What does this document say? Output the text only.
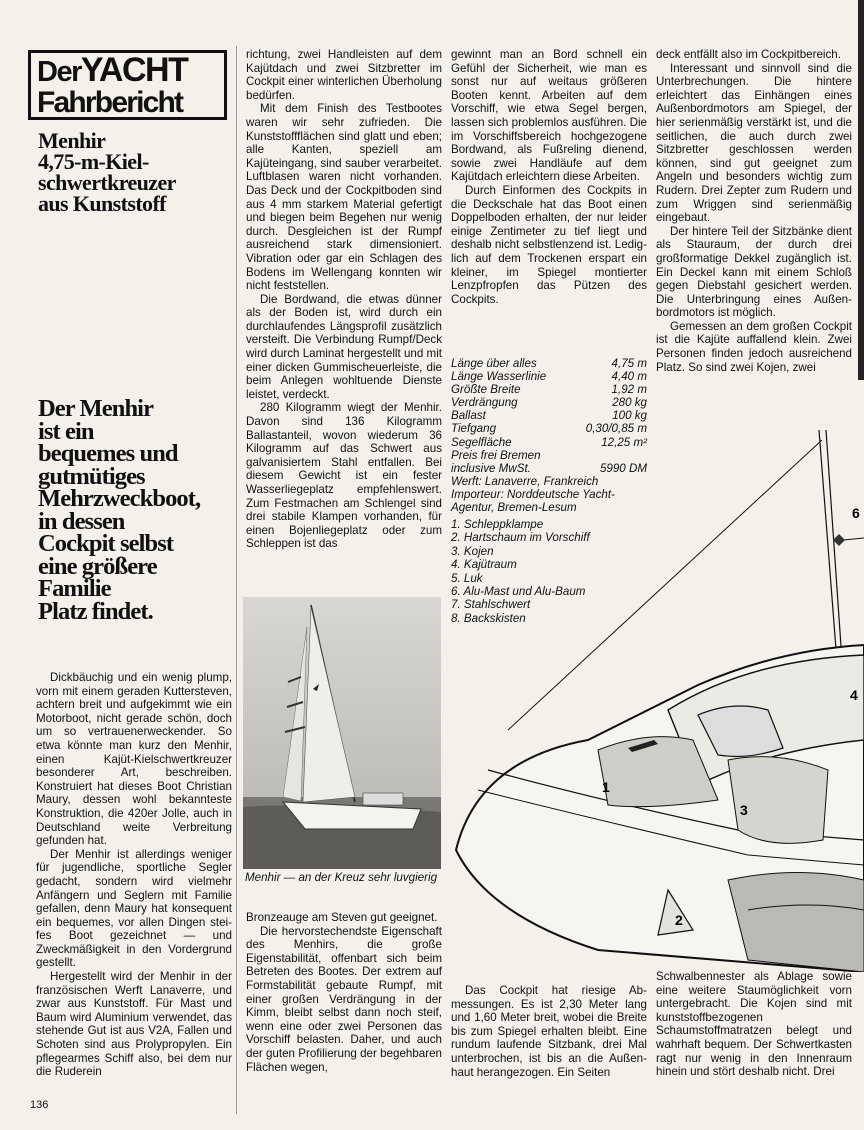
DerYACHT
Fahrbericht
Menhir
4,75-m-Kiel-
schwertkreuzer
aus Kunststoff
Der Menhir
ist ein
bequemes und
gutmütiges
Mehrzweckboot,
in dessen
Cockpit selbst
eine größere
Familie
Platz findet.

Dickbäuchig und ein wenig plump, vorn mit einem geraden Kuttersteven, achtern breit und aufgekimmt wie ein Motorboot, nicht gerade schön, doch um so vertrauenerweckender. So etwa könnte man kurz den Menhir, einen Kajüt-Kielschwertkreuzer besonderer Art, beschreiben. Konstruiert hat dieses Boot Christian Maury, dessen wohl bekannteste Konstruktion, die 420er Jolle, auch in Deutschland weite Verbreitung gefunden hat.

Der Menhir ist allerdings weniger für jugendliche, sportliche Segler gedacht, sondern wird vielmehr Anfängern und Seglern mit Familie gefallen, denn Maury hat konsequent ein bequemes, vor allen Dingen steifes Boot gezeichnet — und Zweckmäßigkeit in den Vordergrund gestellt.

Hergestellt wird der Menhir in der französischen Werft Lanaverre, und zwar aus Kunststoff. Für Mast und Baum wird Aluminium verwendet, das stehende Gut ist aus V2A, Fallen und Schoten sind aus Prolypropylen. Ein pflegearmes Schiff also, bei dem nur die Ruderein

richtung, zwei Handleisten auf dem Kajütdach und zwei Sitzbretter im Cockpit einer winterlichen Überholung bedürfen.

Mit dem Finish des Testbootes waren wir sehr zufrieden. Die Kunststoffflächen sind glatt und eben; alle Kanten, speziell am Kajüteingang, sind sauber verarbeitet. Luftblasen waren nicht vorhanden. Das Deck und der Cockpitboden sind aus 4 mm starkem Material gefertigt und biegen beim Begehen nur wenig durch. Desgleichen ist der Rumpf ausreichend stark dimensioniert. Vibration oder gar ein Schlagen des Bodens im Wellengang konnten wir nicht feststellen.

Die Bordwand, die etwas dünner als der Boden ist, wird durch ein durchlaufendes Längsprofil zusätzlich versteift. Die Verbindung Rumpf/Deck wird durch Laminat hergestellt und mit einer dicken Gummischeuerleiste, die beim Anlegen wohltuende Dienste leistet, verdeckt.

280 Kilogramm wiegt der Menhir. Davon sind 136 Kilogramm Ballastanteil, wovon wiederum 36 Kilogramm auf das Schwert aus galvanisiertem Stahl entfallen. Bei diesem Gewicht ist ein fester Wasserliegeplatz empfehlenswert. Zum Festmachen am Schlengel sind drei stabile Klampen vorhanden, für einen Bojenliegeplatz oder zum Schleppen ist das

Menhir — an der Kreuz sehr luvgierig

Bronzeauge am Steven gut geeignet.

Die hervorstechendste Eigenschaft des Menhirs, die große Eigenstabilität, offenbart sich beim Betreten des Bootes. Der extrem auf Formstabilität gebaute Rumpf, mit einer großen Verdrängung in der Kimm, bleibt selbst dann noch steif, wenn eine oder zwei Personen das Vorschiff belasten. Daher, und auch der guten Profilierung der begehbaren Flächen wegen,

gewinnt man an Bord schnell ein Gefühl der Sicherheit, wie man es sonst nur auf weitaus größeren Booten kennt. Arbeiten auf dem Vorschiff, wie etwa Segel bergen, lassen sich problemlos ausführen. Die im Vorschiffsbereich hochgezogene Bordwand, als Fußreling dienend, sowie zwei Handläufe auf dem Kajütdach erleichtern diese Arbeiten.

Durch Einformen des Cockpits in die Deckschale hat das Boot einen Doppelboden erhalten, der nur leider einige Zentimeter zu tief liegt und deshalb nicht selbstlenzend ist. Lediglich auf dem Trockenen erspart ein kleiner, im Spiegel montierter Lenzpfropfen das Pützen des Cockpits.

Länge über alles	4,75 m
Länge Wasserlinie	4,40 m
Größte Breite	1,92 m
Verdrängung	280 kg
Ballast	100 kg
Tiefgang	0,30/0,85 m
Segelfläche	12,25 m²
Preis frei Bremen
inclusive MwSt.	5990 DM
Werft: Lanaverre, Frankreich
Importeur: Norddeutsche Yacht-
Agentur, Bremen-Lesum
1
2
3
4
6
1. Schleppklampe
2. Hartschaum im Vorschiff
3. Kojen
4. Kajütraum
5. Luk
6. Alu-Mast und Alu-Baum
7. Stahlschwert
8. Backskisten

Das Cockpit hat riesige Abmessungen. Es ist 2,30 Meter lang und 1,60 Meter breit, wobei die Breite bis zum Spiegel erhalten bleibt. Eine rundum laufende Sitzbank, drei Mal unterbrochen, ist bis an die Außenhaut herangezogen. Ein Seiten

deck entfällt also im Cockpitbereich.

Interessant und sinnvoll sind die Unterbrechungen. Die hintere erleichtert das Einhängen eines Außenbordmotors am Spiegel, der hier serienmäßig verstärkt ist, und die seitlichen, die auch durch zwei Sitzbretter geschlossen werden können, sind gut geeignet zum Angeln und besonders wichtig zum Rudern. Drei Zepter zum Rudern und zum Wriggen sind serienmäßig eingebaut.

Der hintere Teil der Sitzbänke dient als Stauraum, der durch drei großformatige Dekkel zugänglich ist. Ein Deckel kann mit einem Schloß gegen Diebstahl gesichert werden. Die Unterbringung eines Außenbordmotors ist möglich.

Gemessen an dem großen Cockpit ist die Kajüte auffallend klein. Zwei Personen finden jedoch ausreichend Platz. So sind zwei Kojen, zwei

Schwalbennester als Ablage sowie eine weitere Staumöglichkeit vorn untergebracht. Die Kojen sind mit kunststoffbezogenen Schaumstoffmatratzen belegt und wahrhaft bequem. Der Schwertkasten ragt nur wenig in den Innenraum hinein und stört deshalb nicht. Drei

136
